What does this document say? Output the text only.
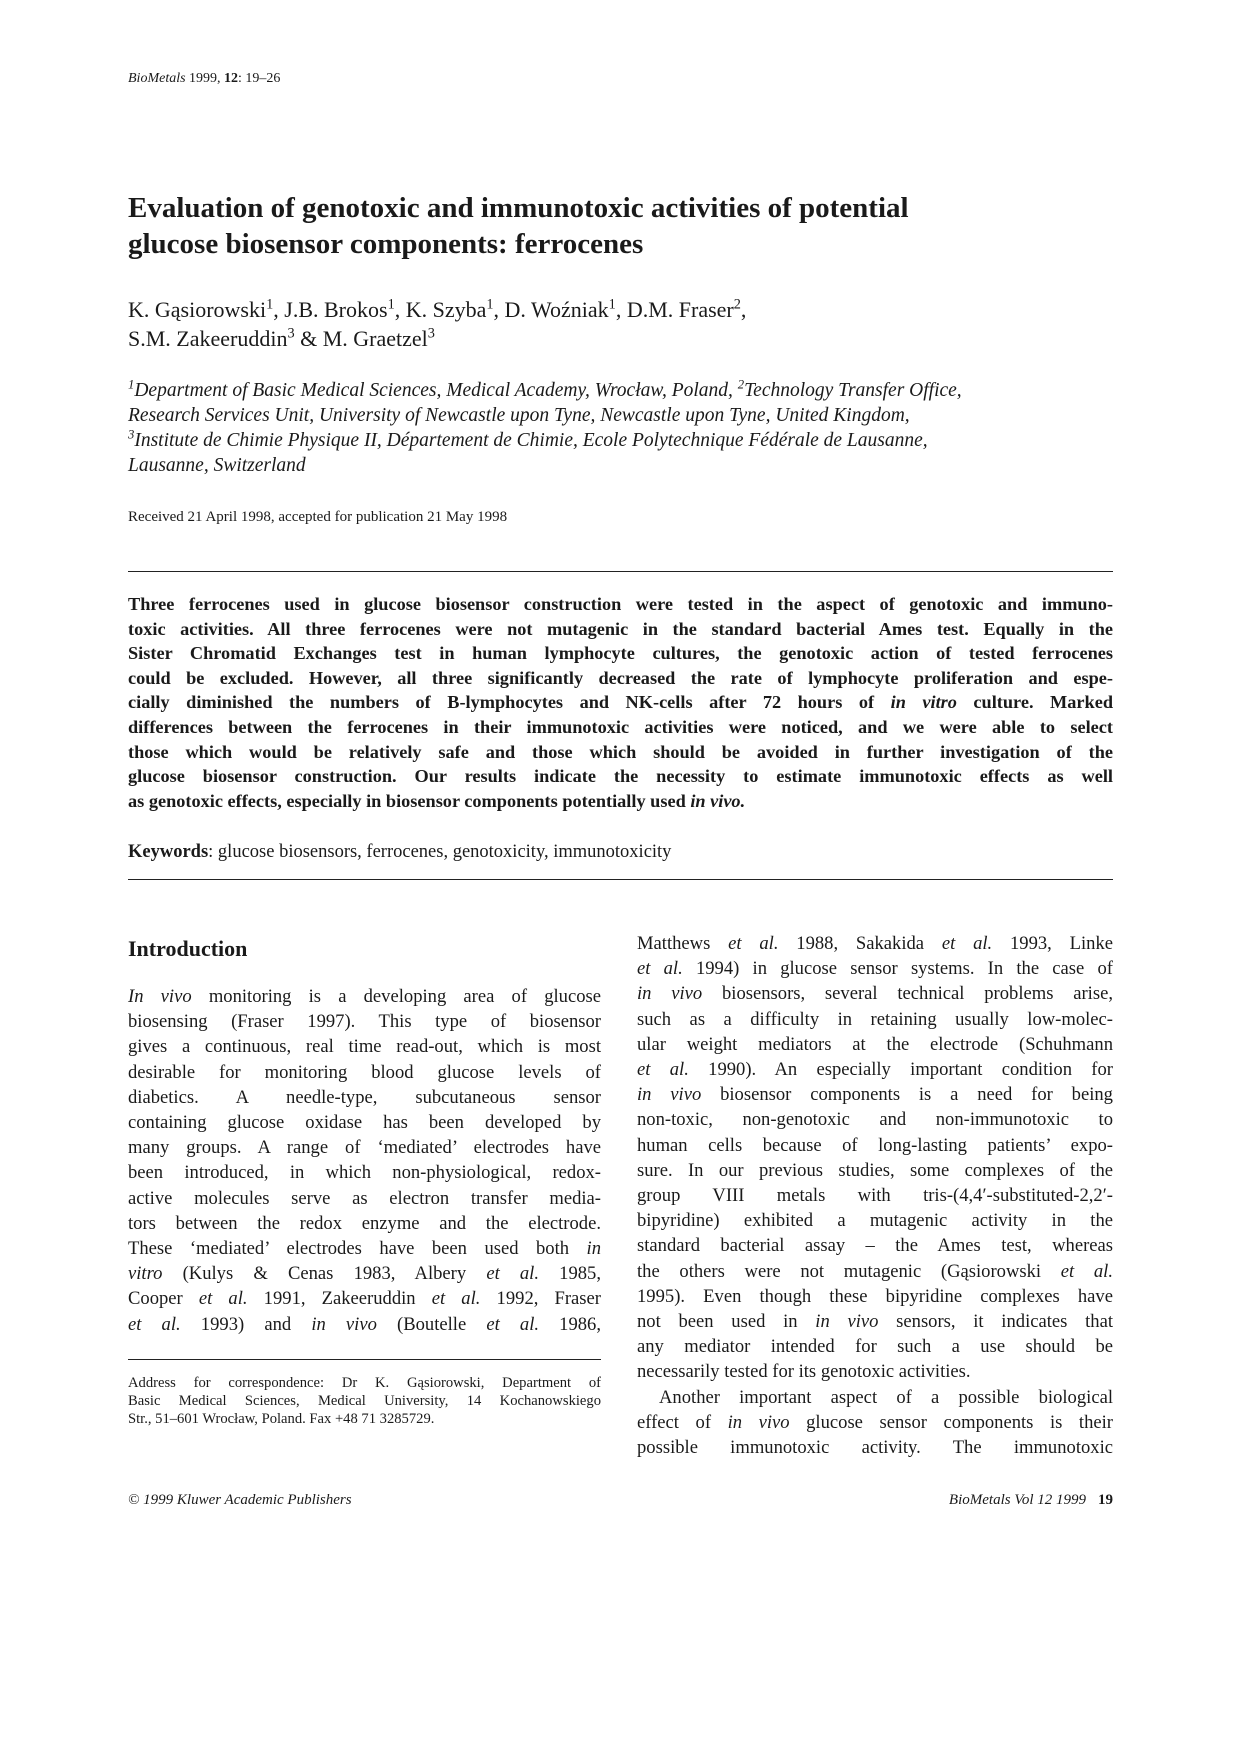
BioMetals 1999, 12: 19–26
Evaluation of genotoxic and immunotoxic activities of potential
glucose biosensor components: ferrocenes
K. Gąsiorowski$^1$, J.B. Brokos$^1$, K. Szyba$^1$, D. Woźniak$^1$, D.M. Fraser$^2$,
S.M. Zakeeruddin$^3$ & M. Graetzel$^3$
$^1$Department of Basic Medical Sciences, Medical Academy, Wrocław, Poland, $^2$Technology Transfer Office,
Research Services Unit, University of Newcastle upon Tyne, Newcastle upon Tyne, United Kingdom,
$^3$Institute de Chimie Physique II, Département de Chimie, Ecole Polytechnique Fédérale de Lausanne,
Lausanne, Switzerland
Received 21 April 1998, accepted for publication 21 May 1998
Three ferrocenes used in glucose biosensor construction were tested in the aspect of genotoxic and immuno-
toxic activities. All three ferrocenes were not mutagenic in the standard bacterial Ames test. Equally in the
Sister Chromatid Exchanges test in human lymphocyte cultures, the genotoxic action of tested ferrocenes
could be excluded. However, all three significantly decreased the rate of lymphocyte proliferation and espe-
cially diminished the numbers of B-lymphocytes and NK-cells after 72 hours of in vitro culture. Marked
differences between the ferrocenes in their immunotoxic activities were noticed, and we were able to select
those which would be relatively safe and those which should be avoided in further investigation of the
glucose biosensor construction. Our results indicate the necessity to estimate immunotoxic effects as well
as genotoxic effects, especially in biosensor components potentially used in vivo.
Keywords: glucose biosensors, ferrocenes, genotoxicity, immunotoxicity
Introduction
In vivo monitoring is a developing area of glucose
biosensing (Fraser 1997). This type of biosensor
gives a continuous, real time read-out, which is most
desirable for monitoring blood glucose levels of
diabetics. A needle-type, subcutaneous sensor
containing glucose oxidase has been developed by
many groups. A range of ‘mediated’ electrodes have
been introduced, in which non-physiological, redox-
active molecules serve as electron transfer media-
tors between the redox enzyme and the electrode.
These ‘mediated’ electrodes have been used both in
vitro (Kulys & Cenas 1983, Albery et al. 1985,
Cooper et al. 1991, Zakeeruddin et al. 1992, Fraser
et al. 1993) and in vivo (Boutelle et al. 1986,
Address for correspondence: Dr K. Gąsiorowski, Department of
Basic Medical Sciences, Medical University, 14 Kochanowskiego
Str., 51–601 Wrocław, Poland. Fax +48 71 3285729.
Matthews et al. 1988, Sakakida et al. 1993, Linke
et al. 1994) in glucose sensor systems. In the case of
in vivo biosensors, several technical problems arise,
such as a difficulty in retaining usually low-molec-
ular weight mediators at the electrode (Schuhmann
et al. 1990). An especially important condition for
in vivo biosensor components is a need for being
non-toxic, non-genotoxic and non-immunotoxic to
human cells because of long-lasting patients’ expo-
sure. In our previous studies, some complexes of the
group VIII metals with tris-(4,4′-substituted-2,2′-
bipyridine) exhibited a mutagenic activity in the
standard bacterial assay – the Ames test, whereas
the others were not mutagenic (Gąsiorowski et al.
1995). Even though these bipyridine complexes have
not been used in in vivo sensors, it indicates that
any mediator intended for such a use should be
necessarily tested for its genotoxic activities.
Another important aspect of a possible biological
effect of in vivo glucose sensor components is their
possible immunotoxic activity. The immunotoxic
© 1999 Kluwer Academic Publishers	BioMetals Vol 12 1999 19
